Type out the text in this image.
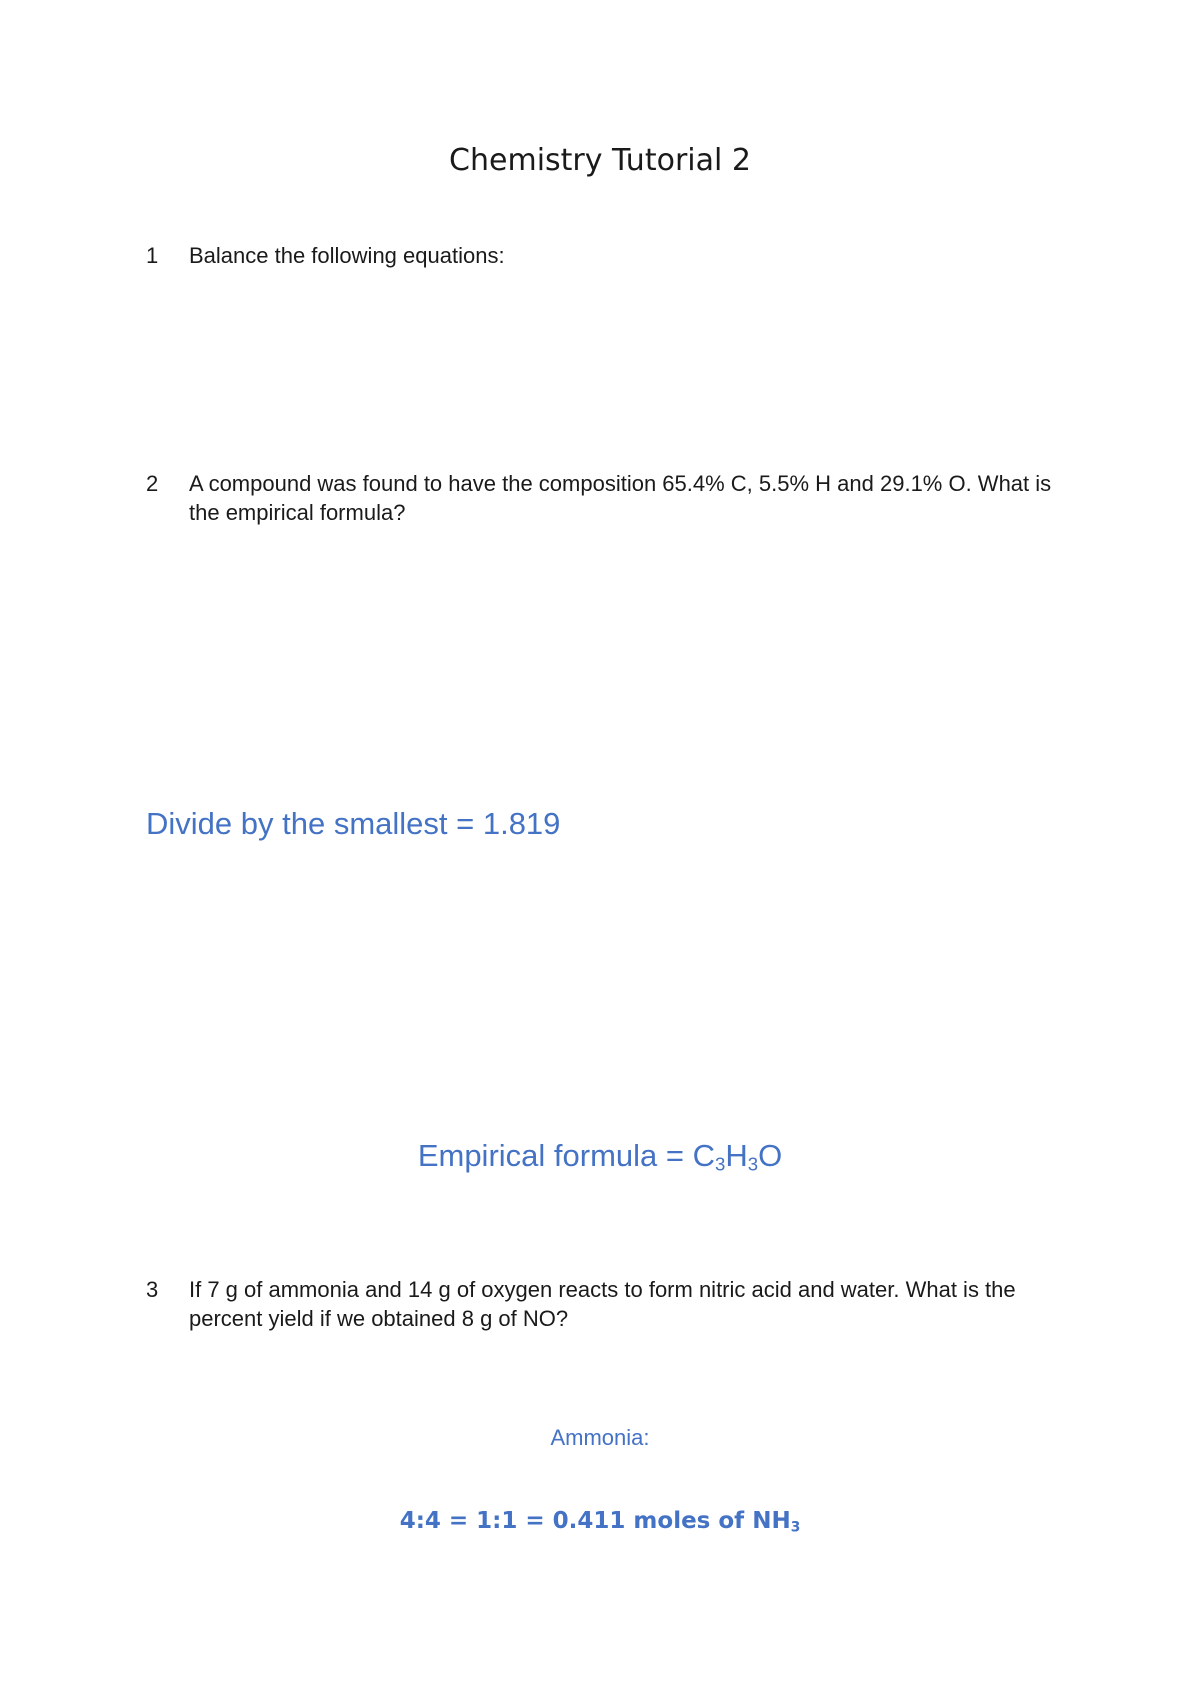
Chemistry Tutorial 2
1 Balance the following equations:
2 A compound was found to have the composition 65.4% C, 5.5% H and 29.1% O. What is the empirical formula?
Divide by the smallest = 1.819
Empirical formula = $C_3H_3O$
3 If 7 g of ammonia and 14 g of oxygen reacts to form nitric acid and water. What is the percent yield if we obtained 8 g of NO?
Ammonia:
4:4 = 1:1 = 0.411 moles of $NH_3$
